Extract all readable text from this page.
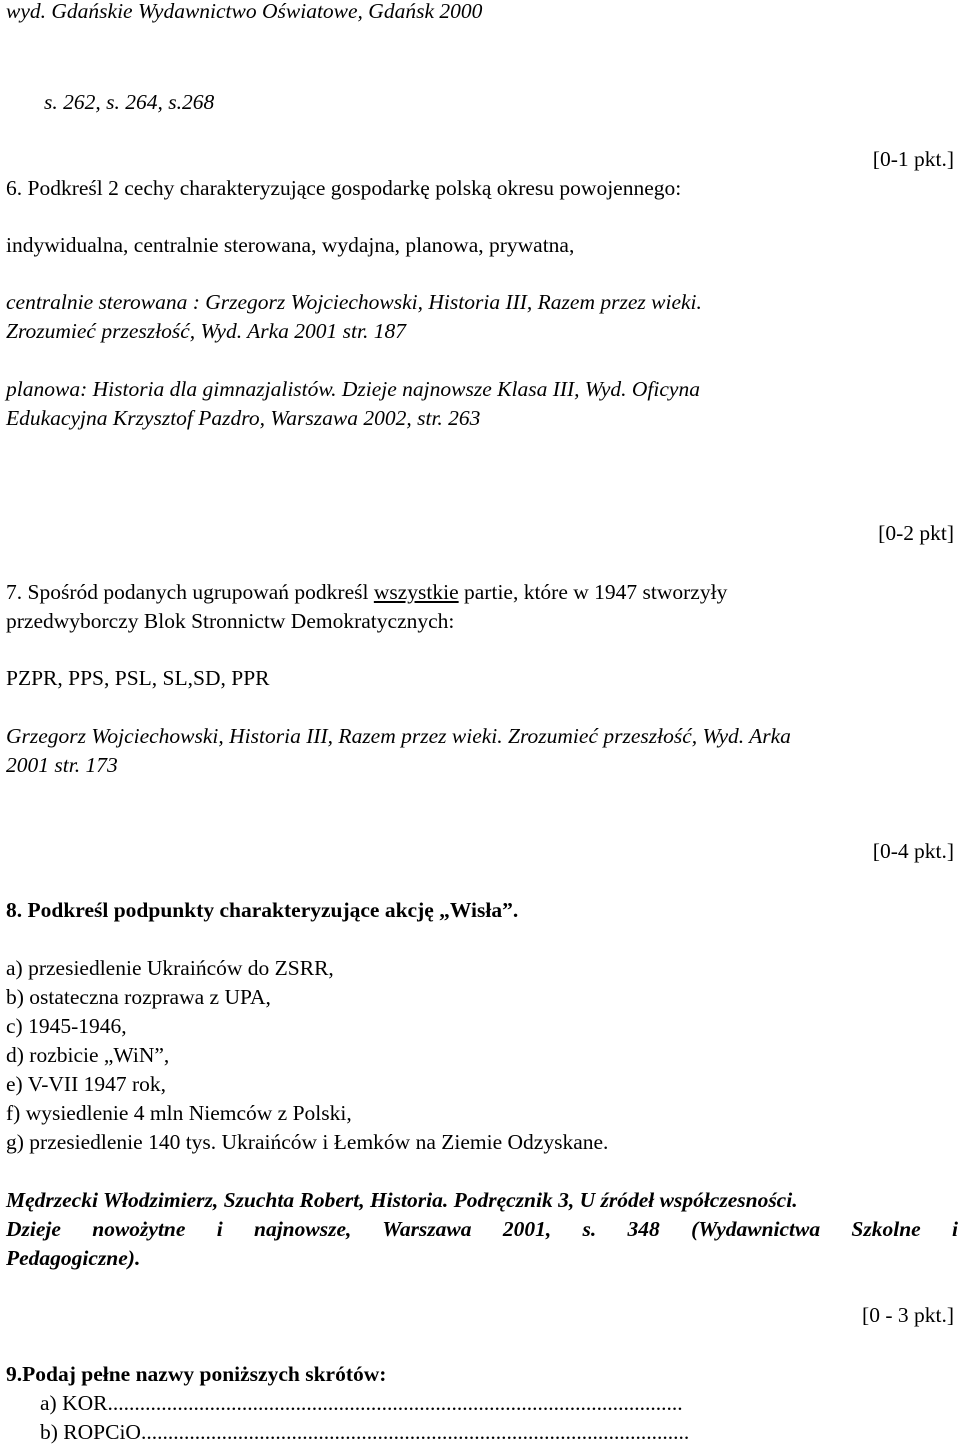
wyd. Gdańskie Wydawnictwo Oświatowe, Gdańsk 2000
s. 262, s. 264, s.268
[0-1 pkt.]
6. Podkreśl 2 cechy charakteryzujące gospodarkę polską okresu powojennego:
indywidualna, centralnie sterowana, wydajna, planowa, prywatna,
centralnie sterowana : Grzegorz Wojciechowski, Historia III, Razem przez wieki.
Zrozumieć przeszłość, Wyd. Arka 2001 str. 187
planowa: Historia dla gimnazjalistów. Dzieje najnowsze Klasa III, Wyd. Oficyna
Edukacyjna Krzysztof Pazdro, Warszawa 2002, str. 263
[0-2 pkt]
7. Spośród podanych ugrupowań podkreśl wszystkie partie, które w 1947 stworzyły
przedwyborczy Blok Stronnictw Demokratycznych:
PZPR, PPS, PSL, SL,SD, PPR
Grzegorz Wojciechowski, Historia III, Razem przez wieki. Zrozumieć przeszłość, Wyd. Arka
2001 str. 173
[0-4 pkt.]
8. Podkreśl podpunkty charakteryzujące akcję „Wisła”.
a) przesiedlenie Ukraińców do ZSRR,
b) ostateczna rozprawa z UPA,
c) 1945-1946,
d) rozbicie „WiN”,
e) V-VII 1947 rok,
f) wysiedlenie 4 mln Niemców z Polski,
g) przesiedlenie 140 tys. Ukraińców i Łemków na Ziemie Odzyskane.
Mędrzecki Włodzimierz, Szuchta Robert, Historia. Podręcznik 3, U źródeł współczesności.
Dzieje nowożytne i najnowsze, Warszawa 2001, s. 348 (Wydawnictwa Szkolne i
Pedagogiczne).
[0 - 3 pkt.]
9.Podaj pełne nazwy poniższych skrótów:
a) KOR...........................................................................................................
b) ROPCiO......................................................................................................
